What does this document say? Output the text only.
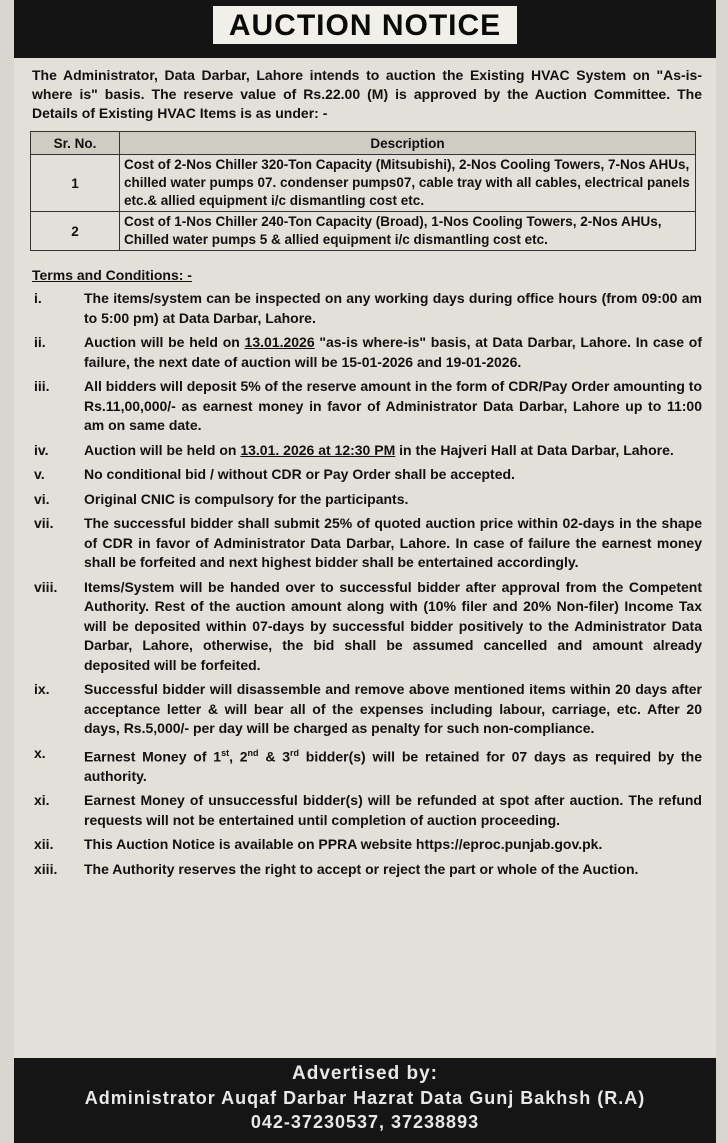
AUCTION NOTICE
The Administrator, Data Darbar, Lahore intends to auction the Existing HVAC System on "As-is-where is" basis. The reserve value of Rs.22.00 (M) is approved by the Auction Committee. The Details of Existing HVAC Items is as under: -
Sr. No.	Description
1	Cost of 2-Nos Chiller 320-Ton Capacity (Mitsubishi), 2-Nos Cooling Towers, 7-Nos AHUs, chilled water pumps 07. condenser pumps07, cable tray with all cables, electrical panels etc.& allied equipment i/c dismantling cost etc.
2	Cost of 1-Nos Chiller 240-Ton Capacity (Broad), 1-Nos Cooling Towers, 2-Nos AHUs, Chilled water pumps 5 & allied equipment i/c dismantling cost etc.
Terms and Conditions: -
i.	The items/system can be inspected on any working days during office hours (from 09:00 am to 5:00 pm) at Data Darbar, Lahore.
ii.	Auction will be held on 13.01.2026 "as-is where-is" basis, at Data Darbar, Lahore. In case of failure, the next date of auction will be 15-01-2026 and 19-01-2026.
iii.	All bidders will deposit 5% of the reserve amount in the form of CDR/Pay Order amounting to Rs.11,00,000/- as earnest money in favor of Administrator Data Darbar, Lahore up to 11:00 am on same date.
iv.	Auction will be held on 13.01. 2026 at 12:30 PM in the Hajveri Hall at Data Darbar, Lahore.
v.	No conditional bid / without CDR or Pay Order shall be accepted.
vi.	Original CNIC is compulsory for the participants.
vii.	The successful bidder shall submit 25% of quoted auction price within 02-days in the shape of CDR in favor of Administrator Data Darbar, Lahore. In case of failure the earnest money shall be forfeited and next highest bidder shall be entertained accordingly.
viii.	Items/System will be handed over to successful bidder after approval from the Competent Authority. Rest of the auction amount along with (10% filer and 20% Non-filer) Income Tax will be deposited within 07-days by successful bidder positively to the Administrator Data Darbar, Lahore, otherwise, the bid shall be assumed cancelled and amount already deposited will be forfeited.
ix.	Successful bidder will disassemble and remove above mentioned items within 20 days after acceptance letter & will bear all of the expenses including labour, carriage, etc. After 20 days, Rs.5,000/- per day will be charged as penalty for such non-compliance.
x.	Earnest Money of 1st, 2nd & 3rd bidder(s) will be retained for 07 days as required by the authority.
xi.	Earnest Money of unsuccessful bidder(s) will be refunded at spot after auction. The refund requests will not be entertained until completion of auction proceeding.
xii.	This Auction Notice is available on PPRA website https://eproc.punjab.gov.pk.
xiii.	The Authority reserves the right to accept or reject the part or whole of the Auction.
Advertised by:
Administrator Auqaf Darbar Hazrat Data Gunj Bakhsh (R.A)
042-37230537, 37238893
